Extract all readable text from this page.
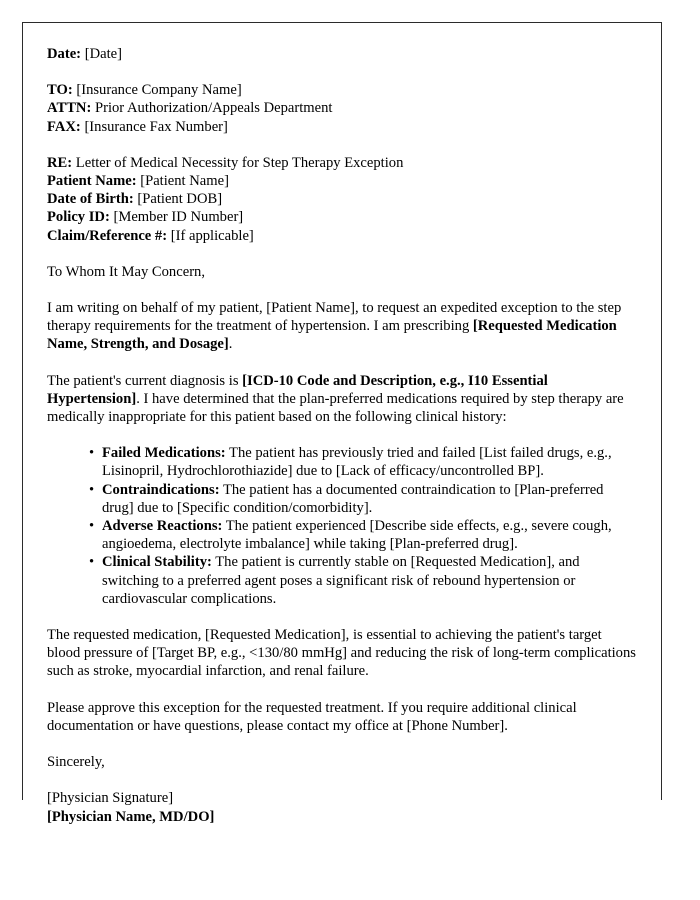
Date: [Date]
TO: [Insurance Company Name]
ATTN: Prior Authorization/Appeals Department
FAX: [Insurance Fax Number]
RE: Letter of Medical Necessity for Step Therapy Exception
Patient Name: [Patient Name]
Date of Birth: [Patient DOB]
Policy ID: [Member ID Number]
Claim/Reference #: [If applicable]

To Whom It May Concern,

I am writing on behalf of my patient, [Patient Name], to request an expedited exception to the step therapy requirements for the treatment of hypertension. I am prescribing [Requested Medication Name, Strength, and Dosage].

The patient's current diagnosis is [ICD-10 Code and Description, e.g., I10 Essential Hypertension]. I have determined that the plan-preferred medications required by step therapy are medically inappropriate for this patient based on the following clinical history:

• Failed Medications: The patient has previously tried and failed [List failed drugs, e.g., Lisinopril, Hydrochlorothiazide] due to [Lack of efficacy/uncontrolled BP].
• Contraindications: The patient has a documented contraindication to [Plan-preferred drug] due to [Specific condition/comorbidity].
• Adverse Reactions: The patient experienced [Describe side effects, e.g., severe cough, angioedema, electrolyte imbalance] while taking [Plan-preferred drug].
• Clinical Stability: The patient is currently stable on [Requested Medication], and switching to a preferred agent poses a significant risk of rebound hypertension or cardiovascular complications.

The requested medication, [Requested Medication], is essential to achieving the patient's target blood pressure of [Target BP, e.g., <130/80 mmHg] and reducing the risk of long-term complications such as stroke, myocardial infarction, and renal failure.

Please approve this exception for the requested treatment. If you require additional clinical documentation or have questions, please contact my office at [Phone Number].

Sincerely,

[Physician Signature]
[Physician Name, MD/DO]
